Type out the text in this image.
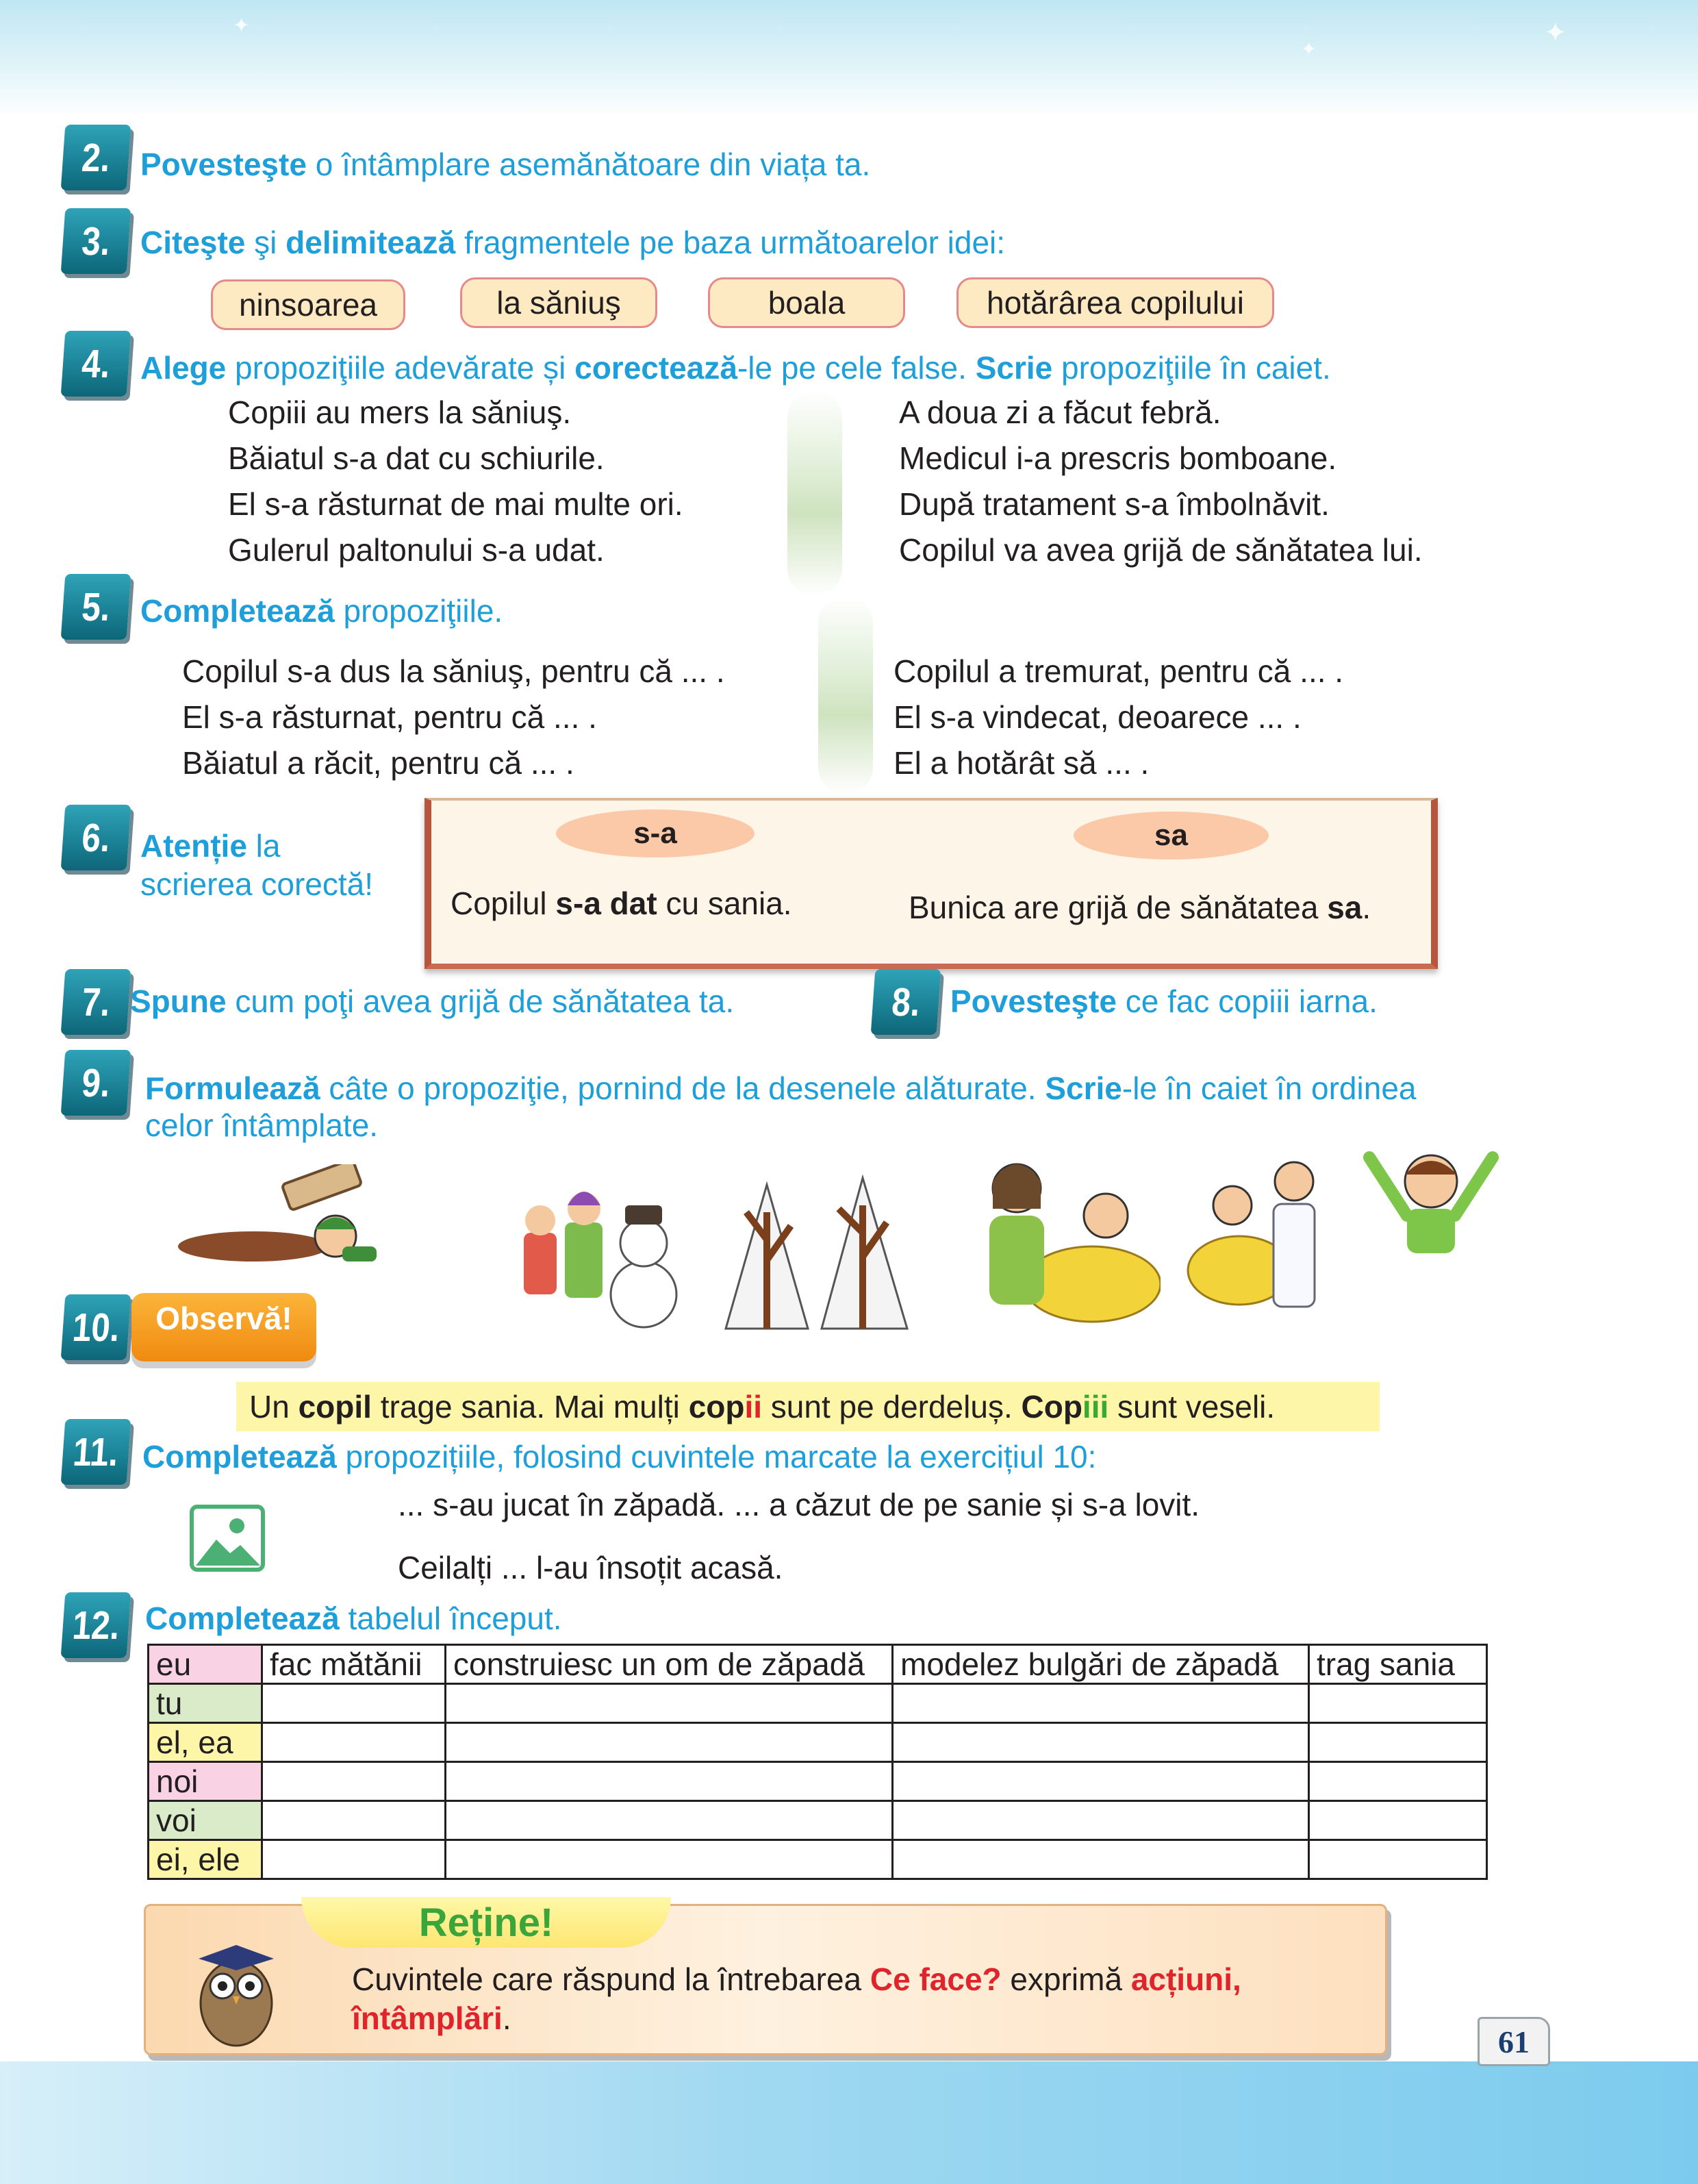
✦
✦
✦
2. Povesteşte o întâmplare asemănătoare din viața ta.
3. Citeşte şi delimitează fragmentele pe baza următoarelor idei:
ninsoarea	la săniuş	boala	hotărârea copilului
4. Alege propoziţiile adevărate și corectează-le pe cele false. Scrie propoziţiile în caiet.
Copiii au mers la săniuş.
Băiatul s-a dat cu schiurile.
El s-a răsturnat de mai multe ori.
Gulerul paltonului s-a udat.
A doua zi a făcut febră.
Medicul i-a prescris bomboane.
După tratament s-a îmbolnăvit.
Copilul va avea grijă de sănătatea lui.
5. Completează propoziţiile.
Copilul s-a dus la săniuş, pentru că ... .
El s-a răsturnat, pentru că ... .
Băiatul a răcit, pentru că ... .
Copilul a tremurat, pentru că ... .
El s-a vindecat, deoarece ... .
El a hotărât să ... .
6. Atenție la
scrierea corectă!
s-a	sa
Copilul s-a dat cu sania.	Bunica are grijă de sănătatea sa.
7. Spune cum poţi avea grijă de sănătatea ta.	8. Povesteşte ce fac copiii iarna.
9. Formulează câte o propoziţie, pornind de la desenele alăturate. Scrie-le în caiet în ordinea
celor întâmplate.
10.	Observă!
Un copil trage sania. Mai mulți copii sunt pe derdeluș. Copiii sunt veseli.
11. Completează propozițiile, folosind cuvintele marcate la exercițiul 10:
... s-au jucat în zăpadă. ... a căzut de pe sanie și s-a lovit.
Ceilalți ... l-au însoțit acasă.
12. Completează tabelul început.
eu	fac mătănii	construiesc un om de zăpadă	modelez bulgări de zăpadă	trag sania
tu				
el, ea				
noi				
voi				
ei, ele				
Reține!
Cuvintele care răspund la întrebarea Ce face? exprimă acțiuni,
întâmplări.
61
